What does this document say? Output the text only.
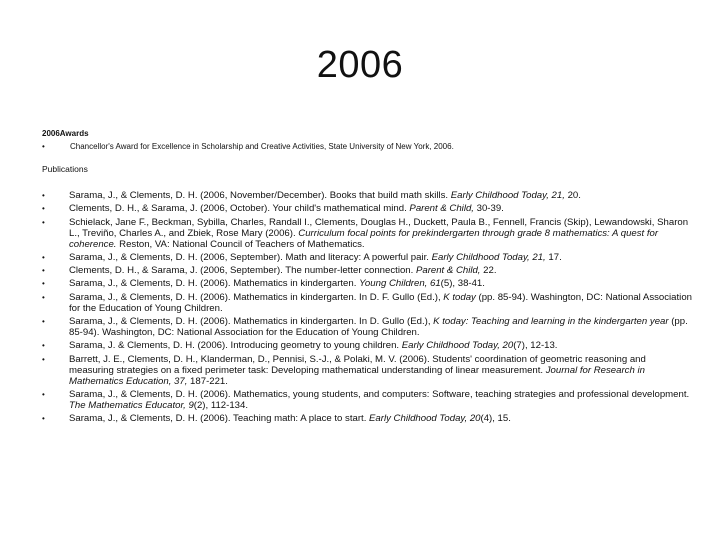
2006
2006Awards
•	Chancellor's Award for Excellence in Scholarship and Creative Activities, State University of New York, 2006.
Publications
•	Sarama, J., & Clements, D. H. (2006, November/December). Books that build math skills. Early Childhood Today, 21, 20.
•	Clements, D. H., & Sarama, J. (2006, October). Your child's mathematical mind. Parent & Child, 30-39.
•	Schielack, Jane F., Beckman, Sybilla, Charles, Randall I., Clements, Douglas H., Duckett, Paula B., Fennell, Francis (Skip), Lewandowski, Sharon L., Treviño, Charles A., and Zbiek, Rose Mary (2006). Curriculum focal points for prekindergarten through grade 8 mathematics: A quest for coherence. Reston, VA: National Council of Teachers of Mathematics.
•	Sarama, J., & Clements, D. H. (2006, September). Math and literacy: A powerful pair. Early Childhood Today, 21, 17.
•	Clements, D. H., & Sarama, J. (2006, September). The number-letter connection. Parent & Child, 22.
•	Sarama, J., & Clements, D. H. (2006). Mathematics in kindergarten. Young Children, 61(5), 38-41.
•	Sarama, J., & Clements, D. H. (2006). Mathematics in kindergarten. In D. F. Gullo (Ed.), K today (pp. 85-94). Washington, DC: National Association for the Education of Young Children.
•	Sarama, J., & Clements, D. H. (2006). Mathematics in kindergarten. In D. Gullo (Ed.), K today: Teaching and learning in the kindergarten year (pp. 85-94). Washington, DC: National Association for the Education of Young Children.
•	Sarama, J. & Clements, D. H. (2006). Introducing geometry to young children. Early Childhood Today, 20(7), 12-13.
•	Barrett, J. E., Clements, D. H., Klanderman, D., Pennisi, S.-J., & Polaki, M. V. (2006). Students' coordination of geometric reasoning and measuring strategies on a fixed perimeter task: Developing mathematical understanding of linear measurement. Journal for Research in Mathematics Education, 37, 187-221.
•	Sarama, J., & Clements, D. H. (2006). Mathematics, young students, and computers: Software, teaching strategies and professional development. The Mathematics Educator, 9(2), 112-134.
•	Sarama, J., & Clements, D. H. (2006). Teaching math: A place to start. Early Childhood Today, 20(4), 15.
